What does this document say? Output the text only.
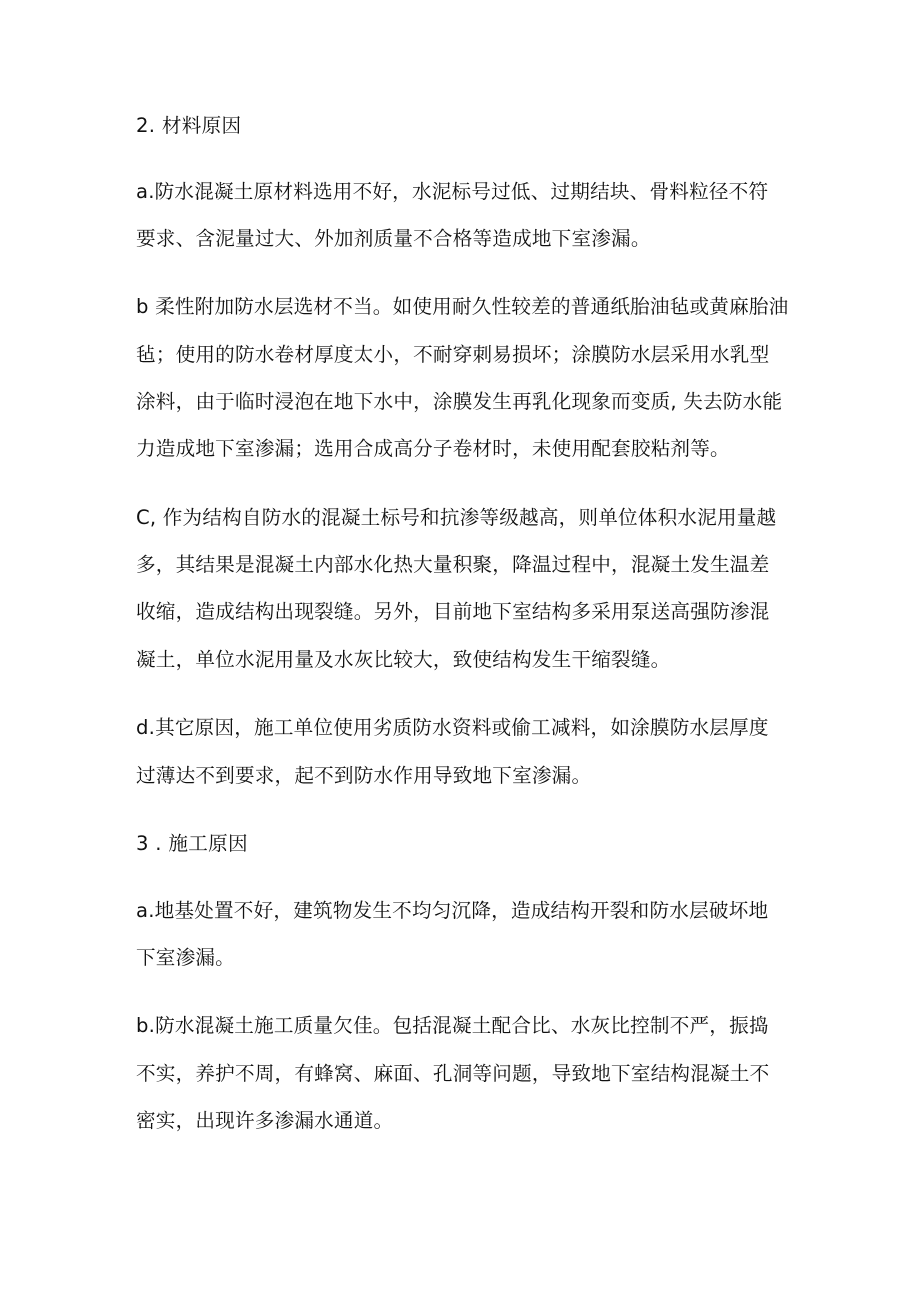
2. 材料原因
a.防水混凝土原材料选用不好，水泥标号过低、过期结块、骨料粒径不符
要求、含泥量过大、外加剂质量不合格等造成地下室渗漏。
b 柔性附加防水层选材不当。如使用耐久性较差的普通纸胎油毡或黄麻胎油
毡；使用的防水卷材厚度太小，不耐穿刺易损坏；涂膜防水层采用水乳型
涂料，由于临时浸泡在地下水中，涂膜发生再乳化现象而变质, 失去防水能
力造成地下室渗漏；选用合成高分子卷材时，未使用配套胶粘剂等。
C, 作为结构自防水的混凝土标号和抗渗等级越高，则单位体积水泥用量越
多，其结果是混凝土内部水化热大量积聚，降温过程中，混凝土发生温差
收缩，造成结构出现裂缝。另外，目前地下室结构多采用泵送高强防渗混
凝土，单位水泥用量及水灰比较大，致使结构发生干缩裂缝。
d.其它原因，施工单位使用劣质防水资料或偷工减料，如涂膜防水层厚度
过薄达不到要求，起不到防水作用导致地下室渗漏。
3 . 施工原因
a.地基处置不好，建筑物发生不均匀沉降，造成结构开裂和防水层破坏地
下室渗漏。
b.防水混凝土施工质量欠佳。包括混凝土配合比、水灰比控制不严，振捣
不实，养护不周，有蜂窝、麻面、孔洞等问题，导致地下室结构混凝土不
密实，出现许多渗漏水通道。
